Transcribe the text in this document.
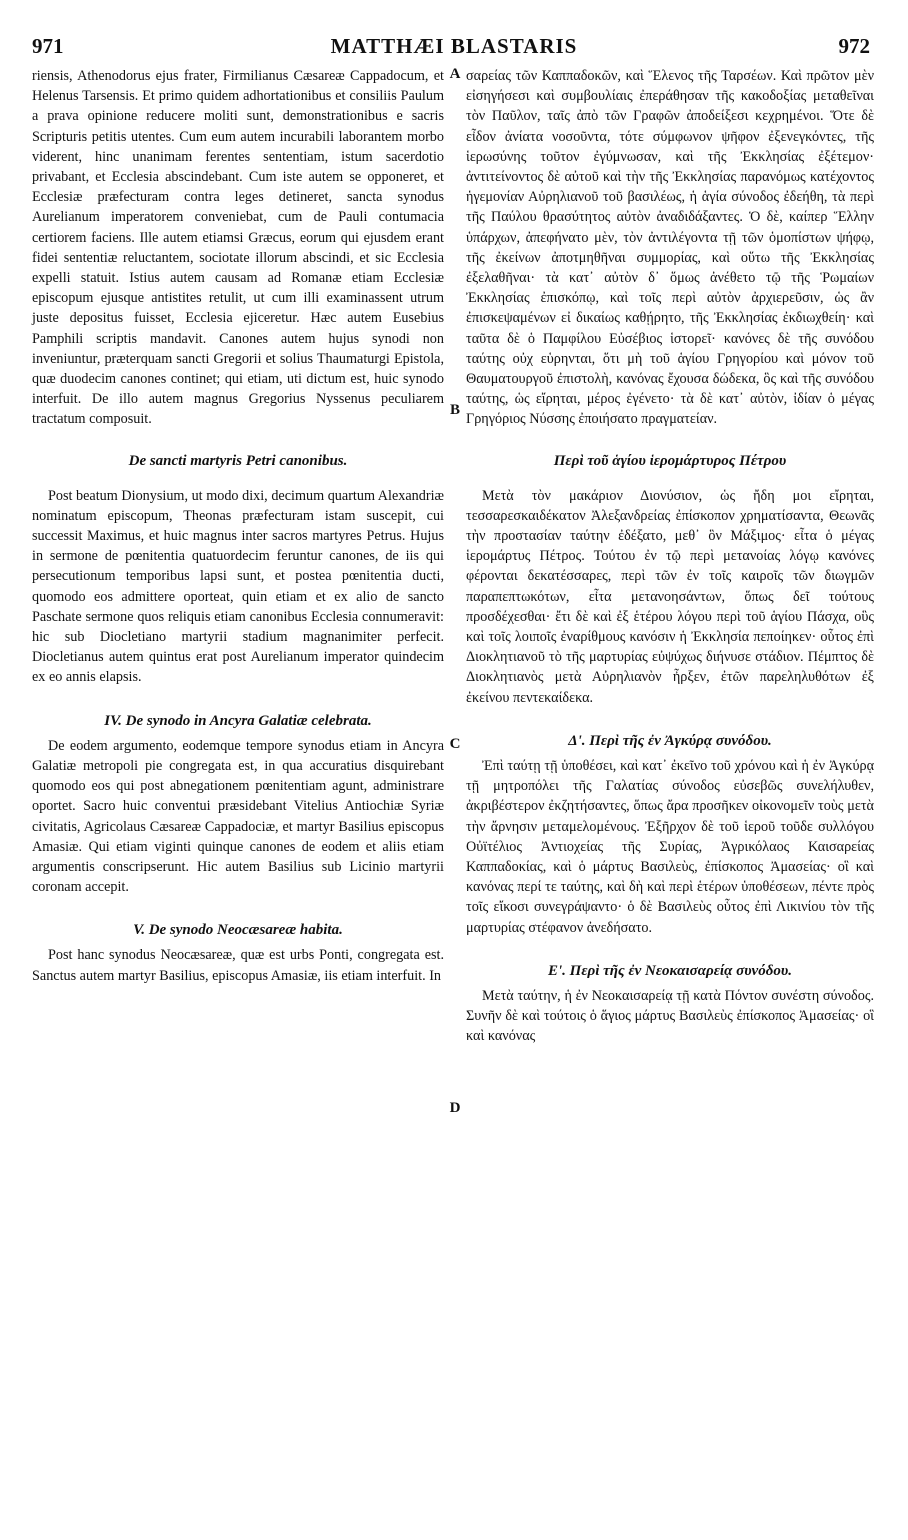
971	MATTHÆI BLASTARIS	972
A
B
C
D

riensis, Athenodorus ejus frater, Firmilianus Cæsareæ Cappadocum, et Helenus Tarsensis. Et primo quidem adhortationibus et consiliis Paulum a prava opinione reducere moliti sunt, demonstrationibus e sacris Scripturis petitis utentes. Cum eum autem incurabili laborantem morbo viderent, hinc unanimam ferentes sententiam, istum sacerdotio privabant, et Ecclesia abscindebant. Cum iste autem se opponeret, et Ecclesiæ præfecturam contra leges detineret, sancta synodus Aurelianum imperatorem conveniebat, cum de Pauli contumacia certiorem faciens. Ille autem etiamsi Græcus, eorum qui ejusdem erant fidei sententiæ reluctantem, sociotate illorum abscindi, et sic Ecclesia expelli statuit. Istius autem causam ad Romanæ etiam Ecclesiæ episcopum ejusque antistites retulit, ut cum illi examinassent utrum juste depositus fuisset, Ecclesia ejiceretur. Hæc autem Eusebius Pamphili scriptis mandavit. Canones autem hujus synodi non inveniuntur, præterquam sancti Gregorii et solius Thaumaturgi Epistola, quæ duodecim canones continet; qui etiam, uti dictum est, huic synodo interfuit. De illo autem magnus Gregorius Nyssenus peculiarem tractatum composuit.

De sancti martyris Petri canonibus.

Post beatum Dionysium, ut modo dixi, decimum quartum Alexandriæ nominatum episcopum, Theonas præfecturam istam suscepit, cui successit Maximus, et huic magnus inter sacros martyres Petrus. Hujus in sermone de pœnitentia quatuordecim feruntur canones, de iis qui persecutionum temporibus lapsi sunt, et postea pœnitentia ducti, quomodo eos admittere oporteat, quin etiam et ex alio de sancto Paschate sermone quos reliquis etiam canonibus Ecclesia connumeravit: hic sub Diocletiano martyrii stadium magnanimiter perfecit. Diocletianus autem quintus erat post Aurelianum imperator quindecim ex eo annis elapsis.

IV. De synodo in Ancyra Galatiæ celebrata.

De eodem argumento, eodemque tempore synodus etiam in Ancyra Galatiæ metropoli pie congregata est, in qua accuratius disquirebant quomodo eos qui post abnegationem pœnitentiam agunt, administrare oportet. Sacro huic conventui præsidebant Vitelius Antiochiæ Syriæ civitatis, Agricolaus Cæsareæ Cappadociæ, et martyr Basilius episcopus Amasiæ. Qui etiam viginti quinque canones de eodem et aliis etiam argumentis conscripserunt. Hic autem Basilius sub Licinio martyrii coronam accepit.

V. De synodo Neocæsareæ habita.

Post hanc synodus Neocæsareæ, quæ est urbs Ponti, congregata est. Sanctus autem martyr Basilius, episcopus Amasiæ, iis etiam interfuit. In

σαρείας τῶν Καππαδοκῶν, καὶ Ἕλενος τῆς Ταρσέων. Καὶ πρῶτον μὲν εἰσηγήσεσι καὶ συμβουλίαις ἐπεράθησαν τῆς κακοδοξίας μεταθεῖναι τὸν Παῦλον, ταῖς ἀπὸ τῶν Γραφῶν ἀποδείξεσι κεχρημένοι. Ὅτε δὲ εἶδον ἀνίατα νοσοῦντα, τότε σύμφωνον ψῆφον ἐξενεγκόντες, τῆς ἱερωσύνης τοῦτον ἐγύμνωσαν, καὶ τῆς Ἐκκλησίας ἐξέτεμον· ἀντιτείνοντος δὲ αὐτοῦ καὶ τὴν τῆς Ἐκκλησίας παρανόμως κατέχοντος ἡγεμονίαν Αὐρηλιανοῦ τοῦ βασιλέως, ἡ ἁγία σύνοδος ἐδεήθη, τὰ περὶ τῆς Παύλου θρασύτητος αὐτὸν ἀναδιδάξαντες. Ὁ δὲ, καίπερ Ἕλλην ὑπάρχων, ἀπεφήνατο μὲν, τὸν ἀντιλέγοντα τῇ τῶν ὁμοπίστων ψήφῳ, τῆς ἐκείνων ἀποτμηθῆναι συμμορίας, καὶ οὕτω τῆς Ἐκκλησίας ἐξελαθῆναι· τὰ κατ᾽ αὐτὸν δ᾽ ὅμως ἀνέθετο τῷ τῆς Ῥωμαίων Ἐκκλησίας ἐπισκόπῳ, καὶ τοῖς περὶ αὐτὸν ἀρχιερεῦσιν, ὡς ἂν ἐπισκεψαμένων εἰ δικαίως καθῄρητο, τῆς Ἐκκλησίας ἐκδιωχθείη· καὶ ταῦτα δὲ ὁ Παμφίλου Εὐσέβιος ἱστορεῖ· κανόνες δὲ τῆς συνόδου ταύτης οὐχ εὑρηνται, ὅτι μὴ τοῦ ἁγίου Γρηγορίου καὶ μόνον τοῦ Θαυματουργοῦ ἐπιστολὴ, κανόνας ἔχουσα δώδεκα, ὃς καὶ τῆς συνόδου ταύτης, ὡς εἴρηται, μέρος ἐγένετο· τὰ δὲ κατ᾽ αὐτὸν, ἰδίαν ὁ μέγας Γρηγόριος Νύσσης ἐποιήσατο πραγματείαν.

Περὶ τοῦ ἁγίου ἱερομάρτυρος Πέτρου

Μετὰ τὸν μακάριον Διονύσιον, ὡς ἤδη μοι εἴρηται, τεσσαρεσκαιδέκατον Ἀλεξανδρείας ἐπίσκοπον χρηματίσαντα, Θεωνᾶς τὴν προστασίαν ταύτην ἐδέξατο, μεθ᾽ ὃν Μάξιμος· εἶτα ὁ μέγας ἱερομάρτυς Πέτρος. Τούτου ἐν τῷ περὶ μετανοίας λόγῳ κανόνες φέρονται δεκατέσσαρες, περὶ τῶν ἐν τοῖς καιροῖς τῶν διωγμῶν παραπεπτωκότων, εἶτα μετανοησάντων, ὅπως δεῖ τούτους προσδέχεσθαι· ἔτι δὲ καὶ ἐξ ἑτέρου λόγου περὶ τοῦ ἁγίου Πάσχα, οὓς καὶ τοῖς λοιποῖς ἐναρίθμους κανόσιν ἡ Ἐκκλησία πεποίηκεν· οὗτος ἐπὶ Διοκλητιανοῦ τὸ τῆς μαρτυρίας εὐψύχως διήνυσε στάδιον. Πέμπτος δὲ Διοκλητιανὸς μετὰ Αὐρηλιανὸν ἦρξεν, ἐτῶν παρεληλυθότων ἐξ ἐκείνου πεντεκαίδεκα.

Δ'. Περὶ τῆς ἐν Ἀγκύρᾳ συνόδου.

Ἐπὶ ταύτῃ τῇ ὑποθέσει, καὶ κατ᾽ ἐκεῖνο τοῦ χρόνου καὶ ἡ ἐν Ἀγκύρᾳ τῇ μητροπόλει τῆς Γαλατίας σύνοδος εὐσεβῶς συνελήλυθεν, ἀκριβέστερον ἐκζητήσαντες, ὅπως ἄρα προσῆκεν οἰκονομεῖν τοὺς μετὰ τὴν ἄρνησιν μεταμελομένους. Ἐξῆρχον δὲ τοῦ ἱεροῦ τοῦδε συλλόγου Οὐϊτέλιος Ἀντιοχείας τῆς Συρίας, Ἀγρικόλαος Καισαρείας Καππαδοκίας, καὶ ὁ μάρτυς Βασιλεὺς, ἐπίσκοπος Ἀμασείας· οἳ καὶ κανόνας περί τε ταύτης, καὶ δὴ καὶ περὶ ἑτέρων ὑποθέσεων, πέντε πρὸς τοῖς εἴκοσι συνεγράψαντο· ὁ δὲ Βασιλεὺς οὗτος ἐπὶ Λικινίου τὸν τῆς μαρτυρίας στέφανον ἀνεδήσατο.

Ε'. Περὶ τῆς ἐν Νεοκαισαρείᾳ συνόδου.

Μετὰ ταύτην, ἡ ἐν Νεοκαισαρείᾳ τῇ κατὰ Πόντον συνέστη σύνοδος. Συνῆν δὲ καὶ τούτοις ὁ ἅγιος μάρτυς Βασιλεὺς ἐπίσκοπος Ἀμασείας· οἳ καὶ κανόνας
